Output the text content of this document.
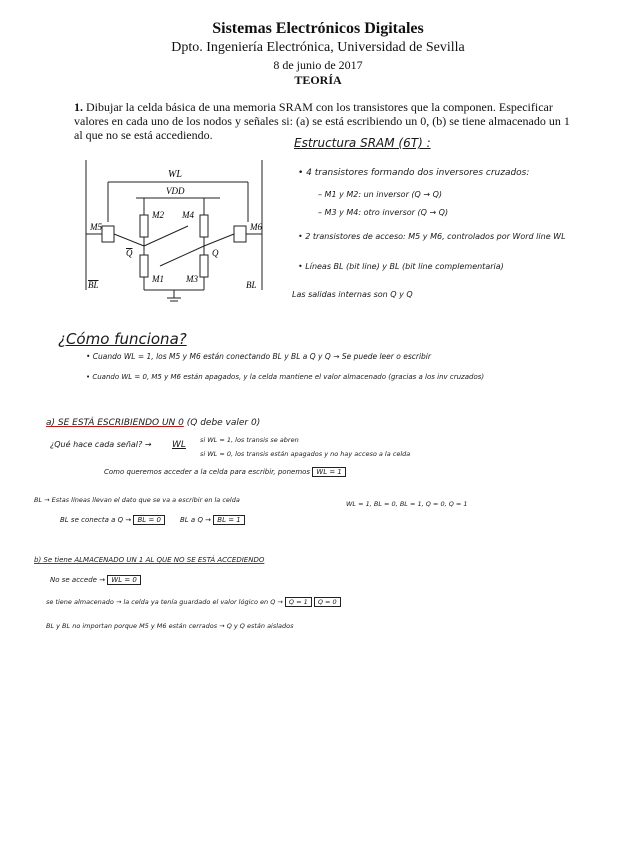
Sistemas Electrónicos Digitales
Dpto. Ingeniería Electrónica, Universidad de Sevilla
8 de junio de 2017
TEORÍA
1. Dibujar la celda básica de una memoria SRAM con los transistores que la componen. Especificar valores en cada uno de los nodos y señales si: (a) se está escribiendo un 0, (b) se tiene almacenado un 1 al que no se está accediendo.
WL
VDD
M2 M4
M1 M3
M5	M6
Q	Q
BL	BL
Estructura SRAM (6T) :
• 4 transistores formando dos inversores cruzados:
– M1 y M2: un inversor (Q → Q)
– M3 y M4: otro inversor (Q → Q)
• 2 transistores de acceso: M5 y M6, controlados por Word line WL
• Líneas BL (bit line) y BL (bit line complementaria)
Las salidas internas son Q y Q
¿Cómo funciona?
• Cuando WL = 1, los M5 y M6 están conectando BL y BL a Q y Q → Se puede leer o escribir
• Cuando WL = 0, M5 y M6 están apagados, y la celda mantiene el valor almacenado (gracias a los inv cruzados)
a) SE ESTÁ ESCRIBIENDO UN 0 (Q debe valer 0)
¿Qué hace cada señal? → WL si WL = 1, los transis se abren
si WL = 0, los transis están apagados y no hay acceso a la celda
Como queremos acceder a la celda para escribir, ponemos WL = 1
BL → Estas líneas llevan el dato que se va a escribir en la celda	WL = 1, BL = 0, BL = 1, Q = 0, Q = 1
BL se conecta a Q → BL = 0	BL a Q → BL = 1
b) Se tiene ALMACENADO UN 1 AL QUE NO SE ESTÁ ACCEDIENDO
No se accede → WL = 0
se tiene almacenado → la celda ya tenía guardado el valor lógico en Q → Q = 1 Q = 0
BL y BL no importan porque M5 y M6 están cerrados → Q y Q están aislados
